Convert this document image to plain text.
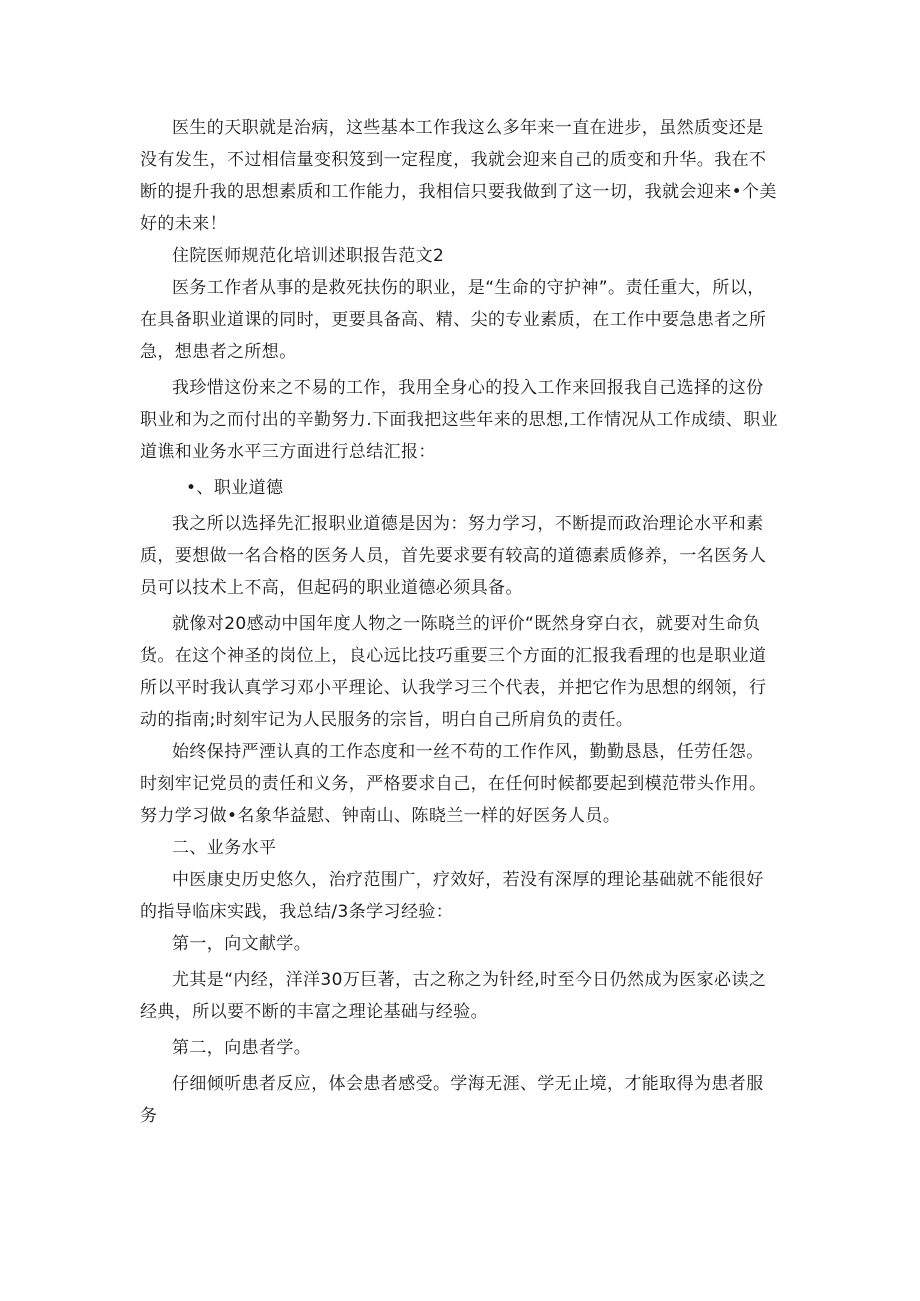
医生的天职就是治病，这些基本工作我这么多年来一直在进步，虽然质变还是没有发生，不过相信量变积笈到一定程度，我就会迎来自己的质变和升华。我在不断的提升我的思想素质和工作能力，我相信只要我做到了这一切，我就会迎来•个美好的未来！

住院医师规范化培训述职报告范文2

医务工作者从事的是救死扶伤的职业，是“生命的守护神”。责任重大，所以，在具备职业道课的同时，更要具备高、精、尖的专业素质，在工作中要急患者之所急，想患者之所想。

我珍惜这份来之不易的工作，我用全身心的投入工作来回报我自己选择的这份职业和为之而付出的辛勤努力.下面我把这些年来的思想,工作情况从工作成绩、职业道谯和业务水平三方面进行总结汇报：

•、职业道德

我之所以选择先汇报职业道德是因为：努力学习，不断提而政治理论水平和素质，要想做一名合格的医务人员，首先要求要有较高的道德素质修养，一名医务人员可以技术上不高，但起码的职业道德必须具备。

就像对20感动中国年度人物之一陈晓兰的评价“既然身穿白衣，就要对生命负货。在这个神圣的岗位上，良心远比技巧重要三个方面的汇报我看理的也是职业道所以平时我认真学习邓小平理论、认我学习三个代表，并把它作为思想的纲领，行动的指南;时刻牢记为人民服务的宗旨，明白自己所肩负的责任。

始终保持严湮认真的工作态度和一丝不苟的工作作风，勤勤恳恳，任劳任怨。时刻牢记党员的责任和义务，严格要求自己，在任何时候都要起到模范带头作用。努力学习做•名象华益慰、钟南山、陈晓兰一样的好医务人员。

二、业务水平

中医康史历史悠久，治疗范围广，疗效好，若没有深厚的理论基础就不能很好的指导临床实践，我总结/3条学习经验：

第一，向文献学。

尤其是“内经，洋洋30万巨著，古之称之为针经,时至今日仍然成为医家必读之经典，所以要不断的丰富之理论基础与经验。

第二，向患者学。

仔细倾听患者反应，体会患者感受。学海无涯、学无止境，才能取得为患者服务
